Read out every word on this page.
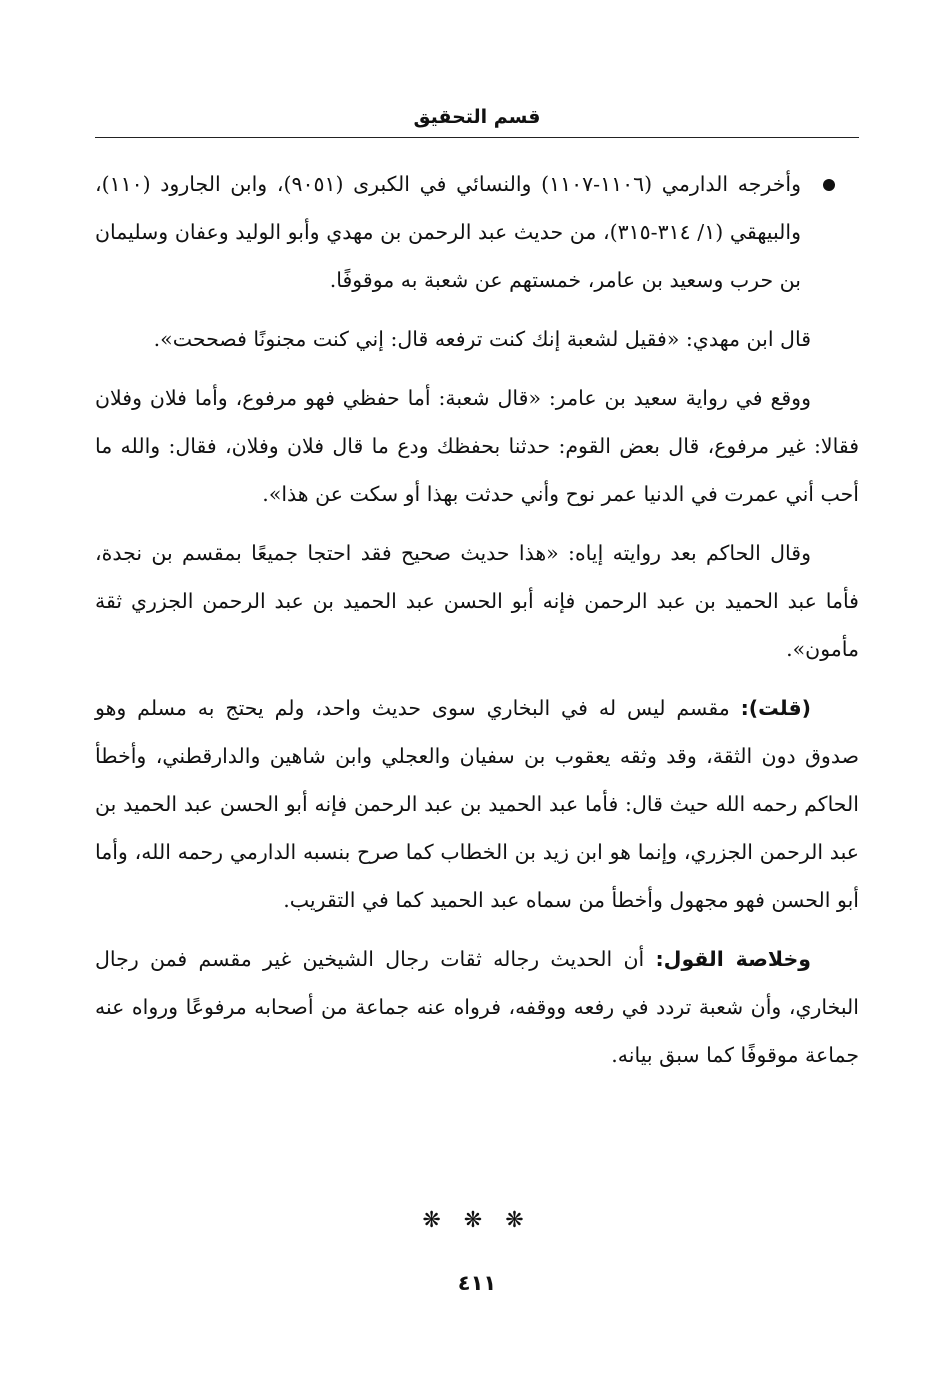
قسم التحقيق
وأخرجه الدارمي (١١٠٦-١١٠٧) والنسائي في الكبرى (٩٠٥١)، وابن الجارود (١١٠)، والبيهقي (١/ ٣١٤-٣١٥)، من حديث عبد الرحمن بن مهدي وأبو الوليد وعفان وسليمان بن حرب وسعيد بن عامر، خمستهم عن شعبة به موقوفًا.

قال ابن مهدي: «فقيل لشعبة إنك كنت ترفعه قال: إني كنت مجنونًا فصححت».

ووقع في رواية سعيد بن عامر: «قال شعبة: أما حفظي فهو مرفوع، وأما فلان وفلان فقالا: غير مرفوع، قال بعض القوم: حدثنا بحفظك ودع ما قال فلان وفلان، فقال: والله ما أحب أني عمرت في الدنيا عمر نوح وأني حدثت بهذا أو سكت عن هذا».

وقال الحاكم بعد روايته إياه: «هذا حديث صحيح فقد احتجا جميعًا بمقسم بن نجدة، فأما عبد الحميد بن عبد الرحمن فإنه أبو الحسن عبد الحميد بن عبد الرحمن الجزري ثقة مأمون».

(قلت): مقسم ليس له في البخاري سوى حديث واحد، ولم يحتج به مسلم وهو صدوق دون الثقة، وقد وثقه يعقوب بن سفيان والعجلي وابن شاهين والدارقطني، وأخطأ الحاكم رحمه الله حيث قال: فأما عبد الحميد بن عبد الرحمن فإنه أبو الحسن عبد الحميد بن عبد الرحمن الجزري، وإنما هو ابن زيد بن الخطاب كما صرح بنسبه الدارمي رحمه الله، وأما أبو الحسن فهو مجهول وأخطأ من سماه عبد الحميد كما في التقريب.

وخلاصة القول: أن الحديث رجاله ثقات رجال الشيخين غير مقسم فمن رجال البخاري، وأن شعبة تردد في رفعه ووقفه، فرواه عنه جماعة من أصحابه مرفوعًا ورواه عنه جماعة موقوفًا كما سبق بيانه.

❋ ❋ ❋
٤١١
